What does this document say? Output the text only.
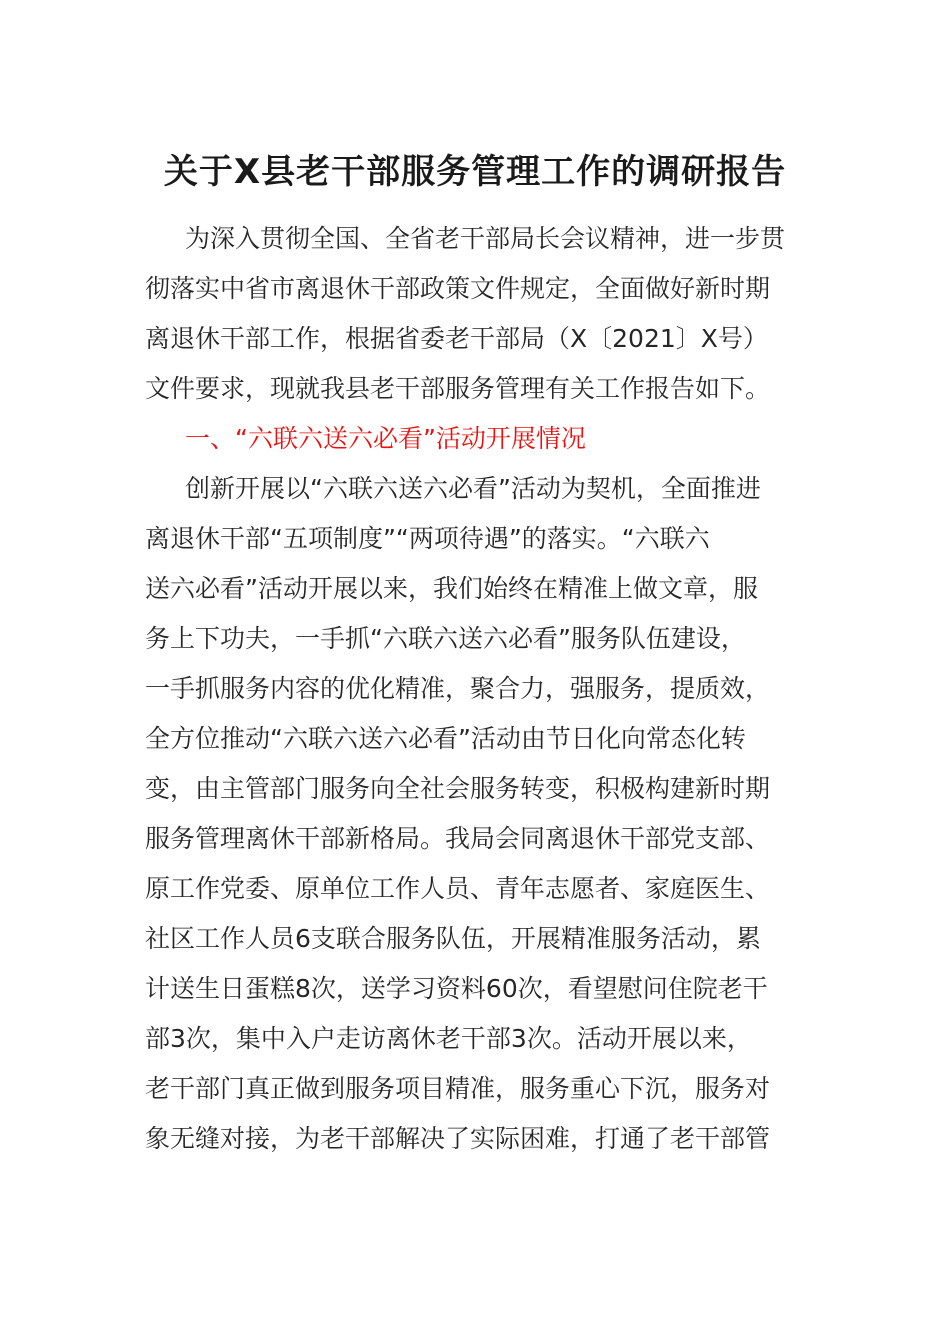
关于X县老干部服务管理工作的调研报告
为深入贯彻全国、全省老干部局长会议精神，进一步贯
彻落实中省市离退休干部政策文件规定，全面做好新时期
离退休干部工作，根据省委老干部局（X〔2021〕X号）
文件要求，现就我县老干部服务管理有关工作报告如下。
一、“六联六送六必看”活动开展情况
创新开展以“六联六送六必看”活动为契机，全面推进
离退休干部“五项制度”“两项待遇”的落实。“六联六
送六必看”活动开展以来，我们始终在精准上做文章，服
务上下功夫，一手抓“六联六送六必看”服务队伍建设，
一手抓服务内容的优化精准，聚合力，强服务，提质效，
全方位推动“六联六送六必看”活动由节日化向常态化转
变，由主管部门服务向全社会服务转变，积极构建新时期
服务管理离休干部新格局。我局会同离退休干部党支部、
原工作党委、原单位工作人员、青年志愿者、家庭医生、
社区工作人员6支联合服务队伍，开展精准服务活动，累
计送生日蛋糕8次，送学习资料60次，看望慰问住院老干
部3次，集中入户走访离休老干部3次。活动开展以来，
老干部门真正做到服务项目精准，服务重心下沉，服务对
象无缝对接，为老干部解决了实际困难，打通了老干部管
